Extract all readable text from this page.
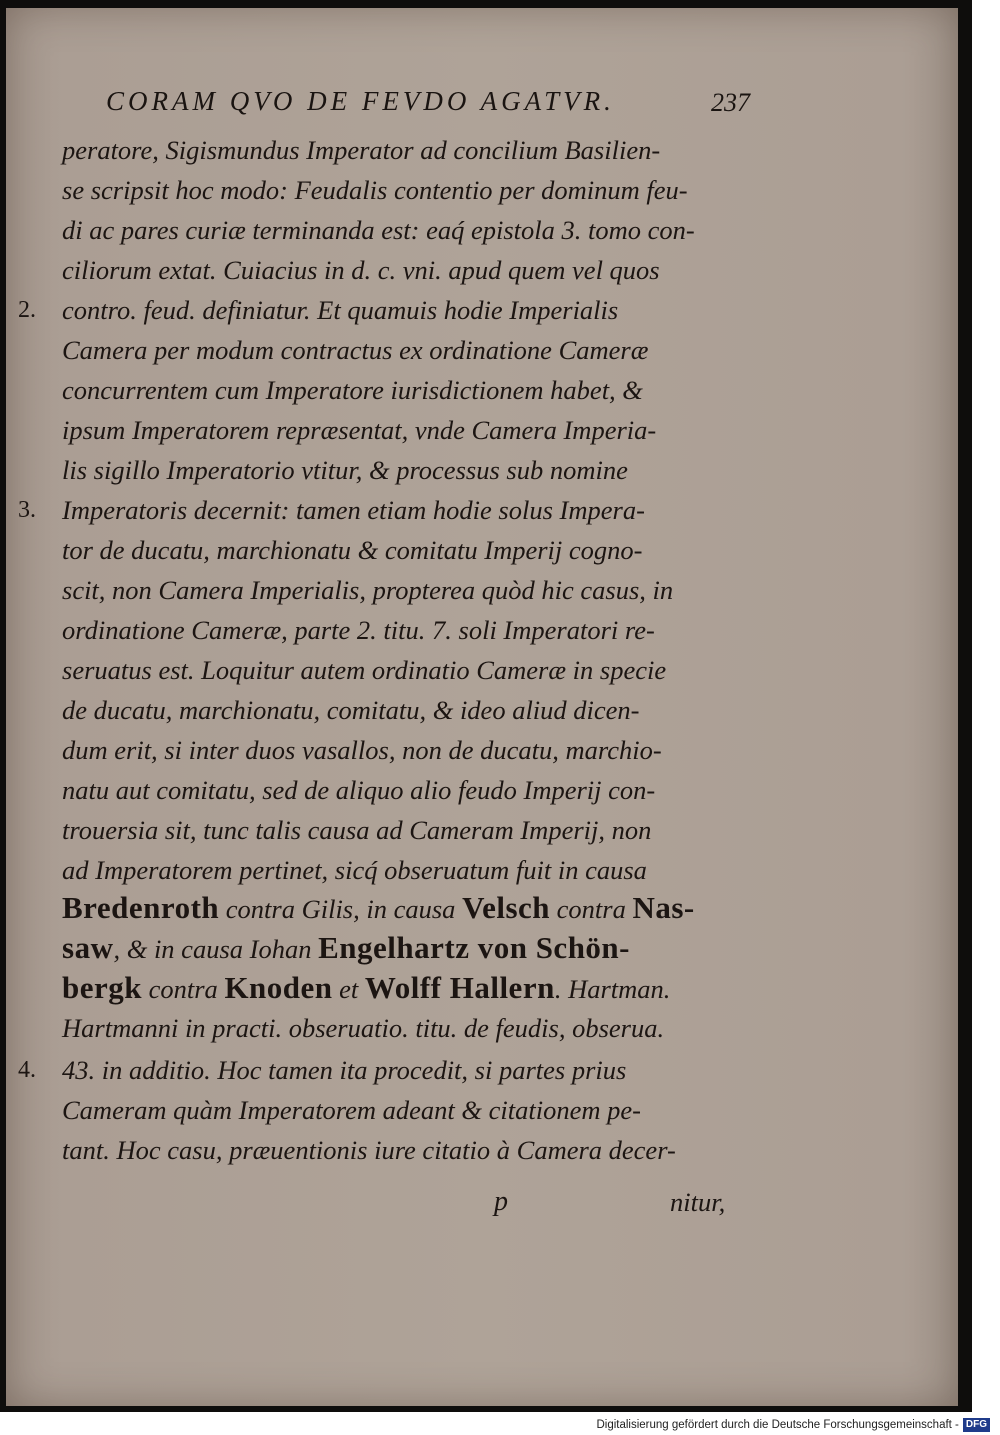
CORAM QVO DE FEVDO AGATVR.	237
peratore, Sigismundus Imperator ad concilium Basilien-
se scripsit hoc modo: Feudalis contentio per dominum feu-
di ac pares curiæ terminanda est: eaq́ epistola 3. tomo con-
ciliorum extat. Cuiacius in d. c. vni. apud quem vel quos
2. contro. feud. definiatur. Et quamuis hodie Imperialis
Camera per modum contractus ex ordinatione Cameræ
concurrentem cum Imperatore iurisdictionem habet, &
ipsum Imperatorem repræsentat, vnde Camera Imperia-
lis sigillo Imperatorio vtitur, & processus sub nomine
3. Imperatoris decernit: tamen etiam hodie solus Impera-
tor de ducatu, marchionatu & comitatu Imperij cogno-
scit, non Camera Imperialis, propterea quòd hic casus, in
ordinatione Cameræ, parte 2. titu. 7. soli Imperatori re-
seruatus est. Loquitur autem ordinatio Cameræ in specie
de ducatu, marchionatu, comitatu, & ideo aliud dicen-
dum erit, si inter duos vasallos, non de ducatu, marchio-
natu aut comitatu, sed de aliquo alio feudo Imperij con-
trouersia sit, tunc talis causa ad Cameram Imperij, non
ad Imperatorem pertinet, sicq́ obseruatum fuit in causa
Bredenroth contra Gilis, in causa Velsch contra Nas-
saw, & in causa Iohan Engelhartz von Schön-
bergk contra Knoden et Wolff Hallern. Hartman.
Hartmanni in practi. obseruatio. titu. de feudis, obserua.
4. 43. in additio. Hoc tamen ita procedit, si partes prius
Cameram quàm Imperatorem adeant & citationem pe-
tant. Hoc casu, præuentionis iure citatio à Camera decer-
p	nitur,
Digitalisierung gefördert durch die Deutsche Forschungsgemeinschaft - DFG
